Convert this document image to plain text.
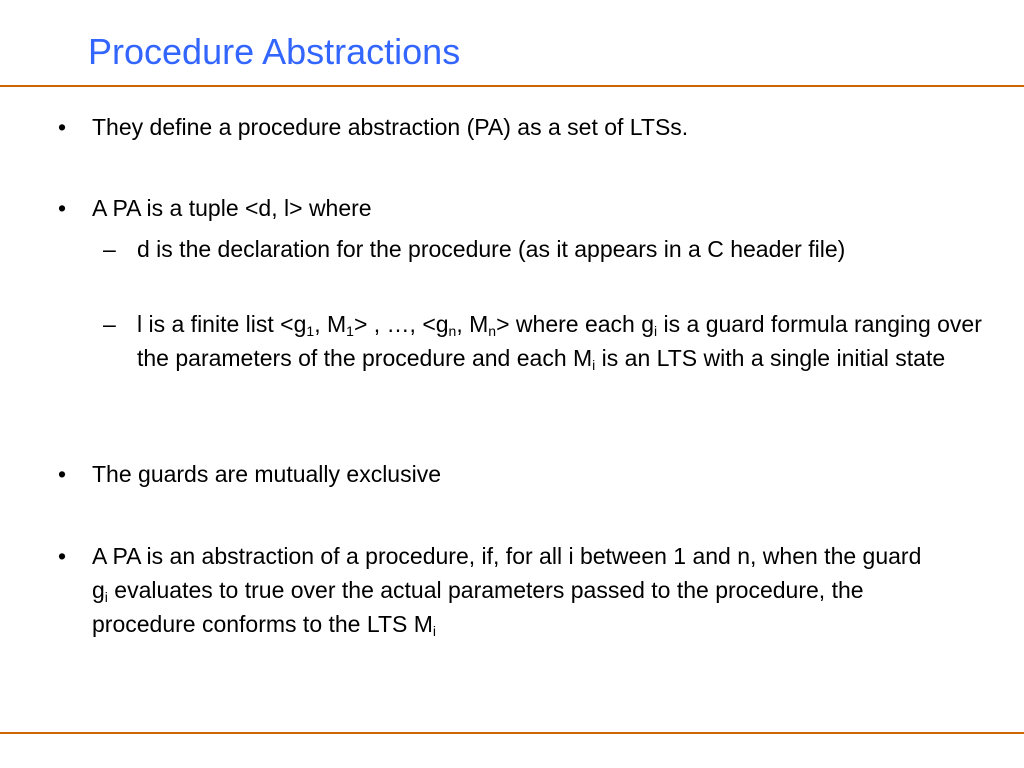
Procedure Abstractions
• They define a procedure abstraction (PA) as a set of LTSs.
• A PA is a tuple <d, l> where
– d is the declaration for the procedure (as it appears in a C header file)
– l is a finite list $<g_1$, $M_1>$ , …, $<g_n$, $M_n>$ where each $g_i$ is a guard formula ranging over the parameters of the procedure and each $M_i$ is an LTS with a single initial state
• The guards are mutually exclusive
• A PA is an abstraction of a procedure, if, for all i between 1 and n, when the guard $g_i$ evaluates to true over the actual parameters passed to the procedure, the procedure conforms to the LTS $M_i$
